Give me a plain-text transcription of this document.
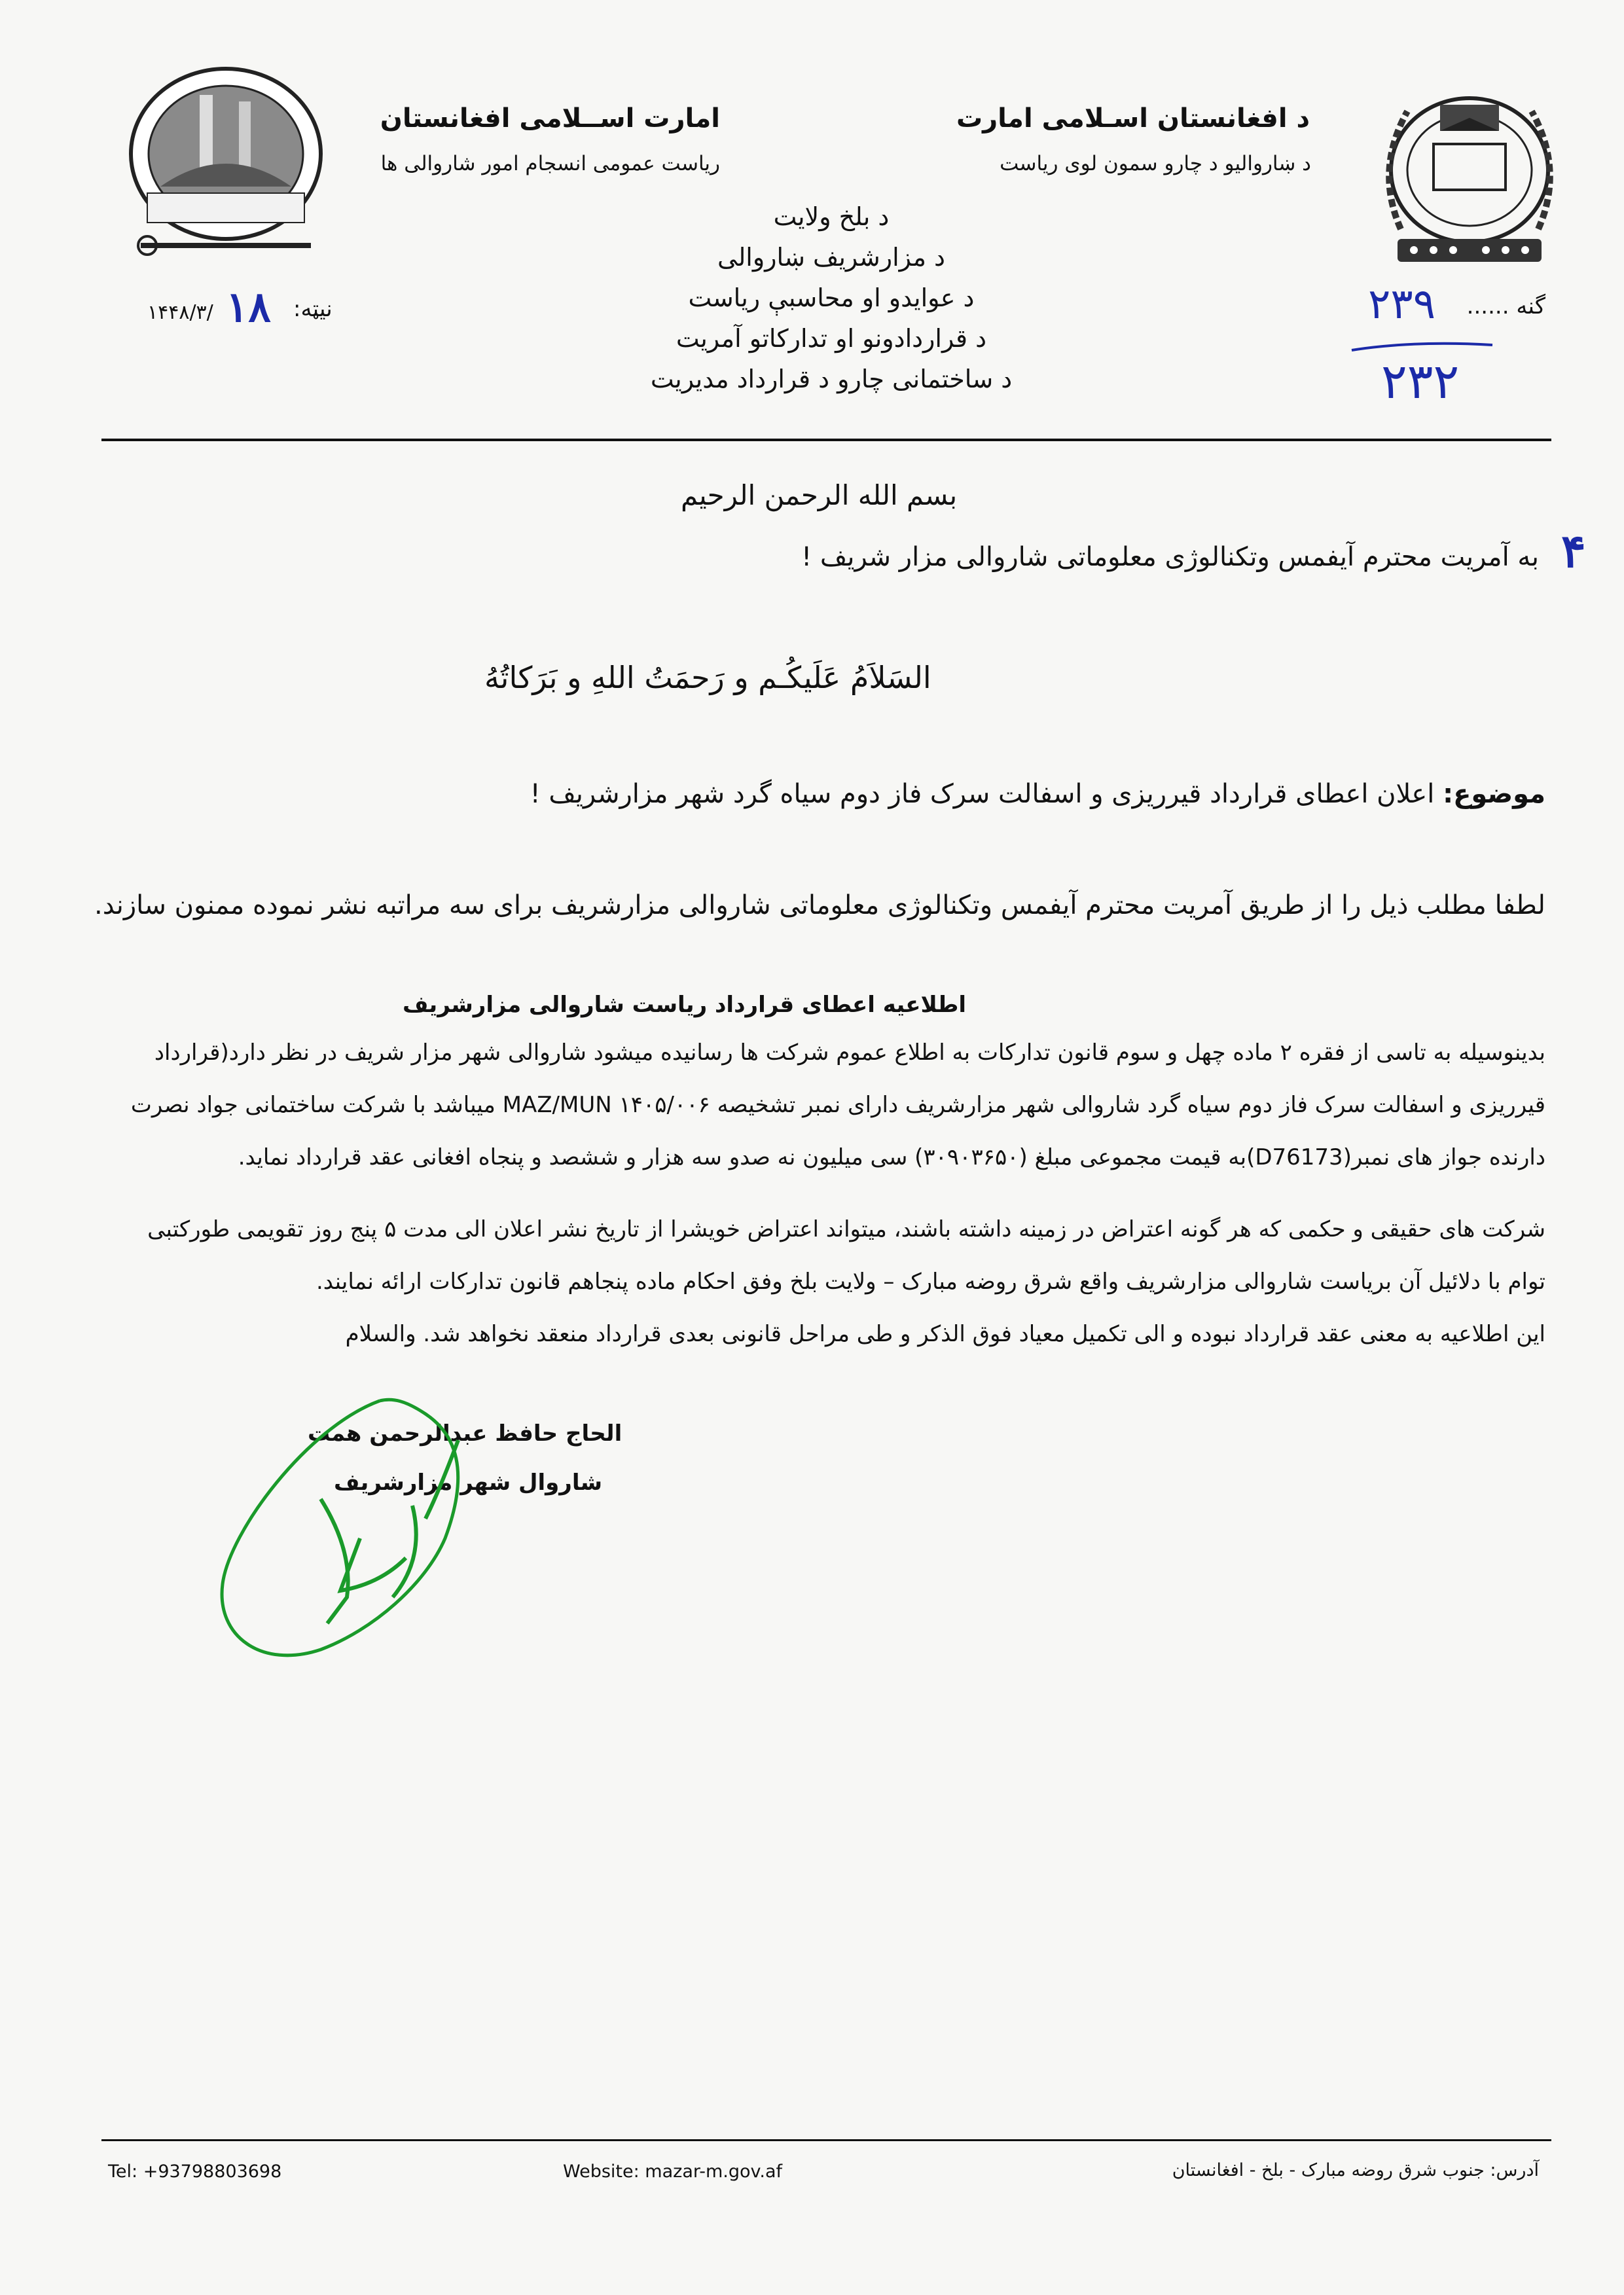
د افغانستان اسـلامی امارت
د ښاروالیو د چارو سمون لوی ریاست
امارت اســلامی افغانستان
ریاست عمومی انسجام امور شاروالی ها
د بلخ ولایت
د مزارشریف ښاروالی
د عوایدو او محاسبې ریاست
د قراردادونو او تدارکاتو آمریت
د ساختمانی چارو د قرارداد مدیریت
گنه ......
۲۳۹
۲۳۲
نیټه:
۱۸
۱۴۴۸/۳/
بسم الله الرحمن الرحیم
۴
به آمریت محترم آیفمس وتکنالوژی معلوماتی شاروالی مزار شریف !
السَلاَمُ عَلَیکُـم و رَحمَتُ اللهِ و بَرَکاتُهُ
موضوع: اعلان اعطای قرارداد قیرریزی و اسفالت سرک فاز دوم سیاه گرد شهر مزارشریف !
لطفا مطلب ذیل را از طریق آمریت محترم آیفمس وتکنالوژی معلوماتی شاروالی مزارشریف برای سه مراتبه نشر نموده ممنون سازند.
اطلاعیه اعطای قرارداد ریاست شاروالی مزارشریف
بدینوسیله به تاسی از فقره ۲ ماده چهل و سوم قانون تدارکات به اطلاع عموم شرکت ها رسانیده میشود شاروالی شهر مزار شریف در نظر دارد(قرارداد
قیرریزی و اسفالت سرک فاز دوم سیاه گرد شاروالی شهر مزارشریف دارای نمبر تشخیصه MAZ/MUN ۱۴۰۵/۰۰۶ میباشد با شرکت ساختمانی جواد نصرت
دارنده جواز های نمبر(D76173)به قیمت مجموعی مبلغ (۳۰۹۰۳۶۵۰) سی میلیون نه صدو سه هزار و ششصد و پنجاه افغانی عقد قرارداد نماید.
شرکت های حقیقی و حکمی که هر گونه اعتراض در زمینه داشته باشند، میتواند اعتراض خویشرا از تاریخ نشر اعلان الی مدت ۵ پنج روز تقویمی طورکتبی
توام با دلائیل آن بریاست شاروالی مزارشریف واقع شرق روضه مبارک – ولایت بلخ وفق احکام ماده پنجاهم قانون تدارکات ارائه نمایند.
این اطلاعیه به معنی عقد قرارداد نبوده و الی تکمیل معیاد فوق الذکر و طی مراحل قانونی بعدی قرارداد منعقد نخواهد شد. والسلام
الحاج حافظ عبدالرحمن همت
شاروال شهر مزارشریف
آدرس: جنوب شرق روضه مبارک - بلخ - افغانستان
Website: mazar-m.gov.af
Tel: +93798803698
